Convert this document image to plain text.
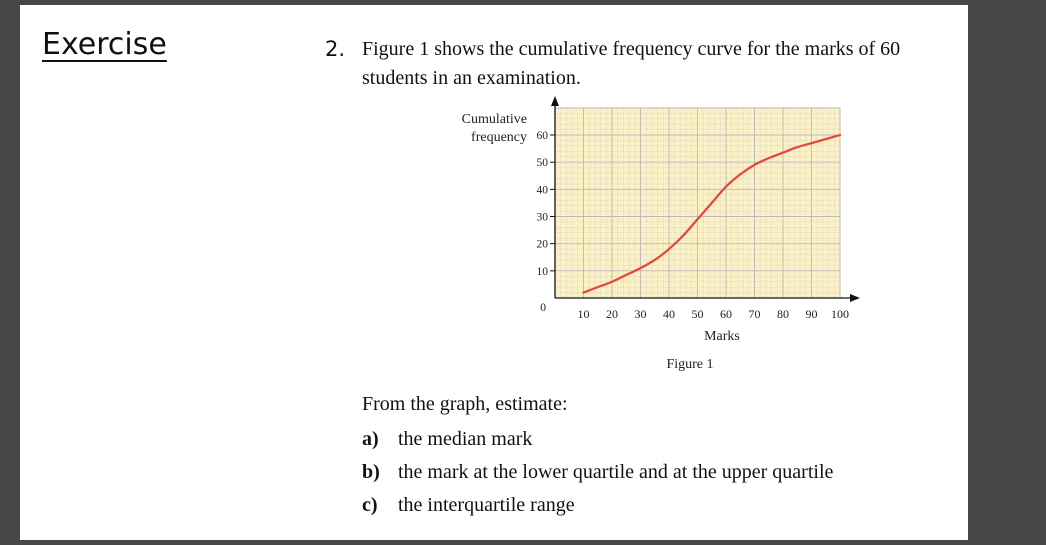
Exercise	2. Figure 1 shows the cumulative frequency curve for the marks of 60 students in an examination.

10
20
30
40
50
60
10 20 30 40 50 60 70 80 90 100
0
Cumulative
frequency
Marks
Figure 1

From the graph, estimate:

a) the median mark
b) the mark at the lower quartile and at the upper quartile
c) the interquartile range
